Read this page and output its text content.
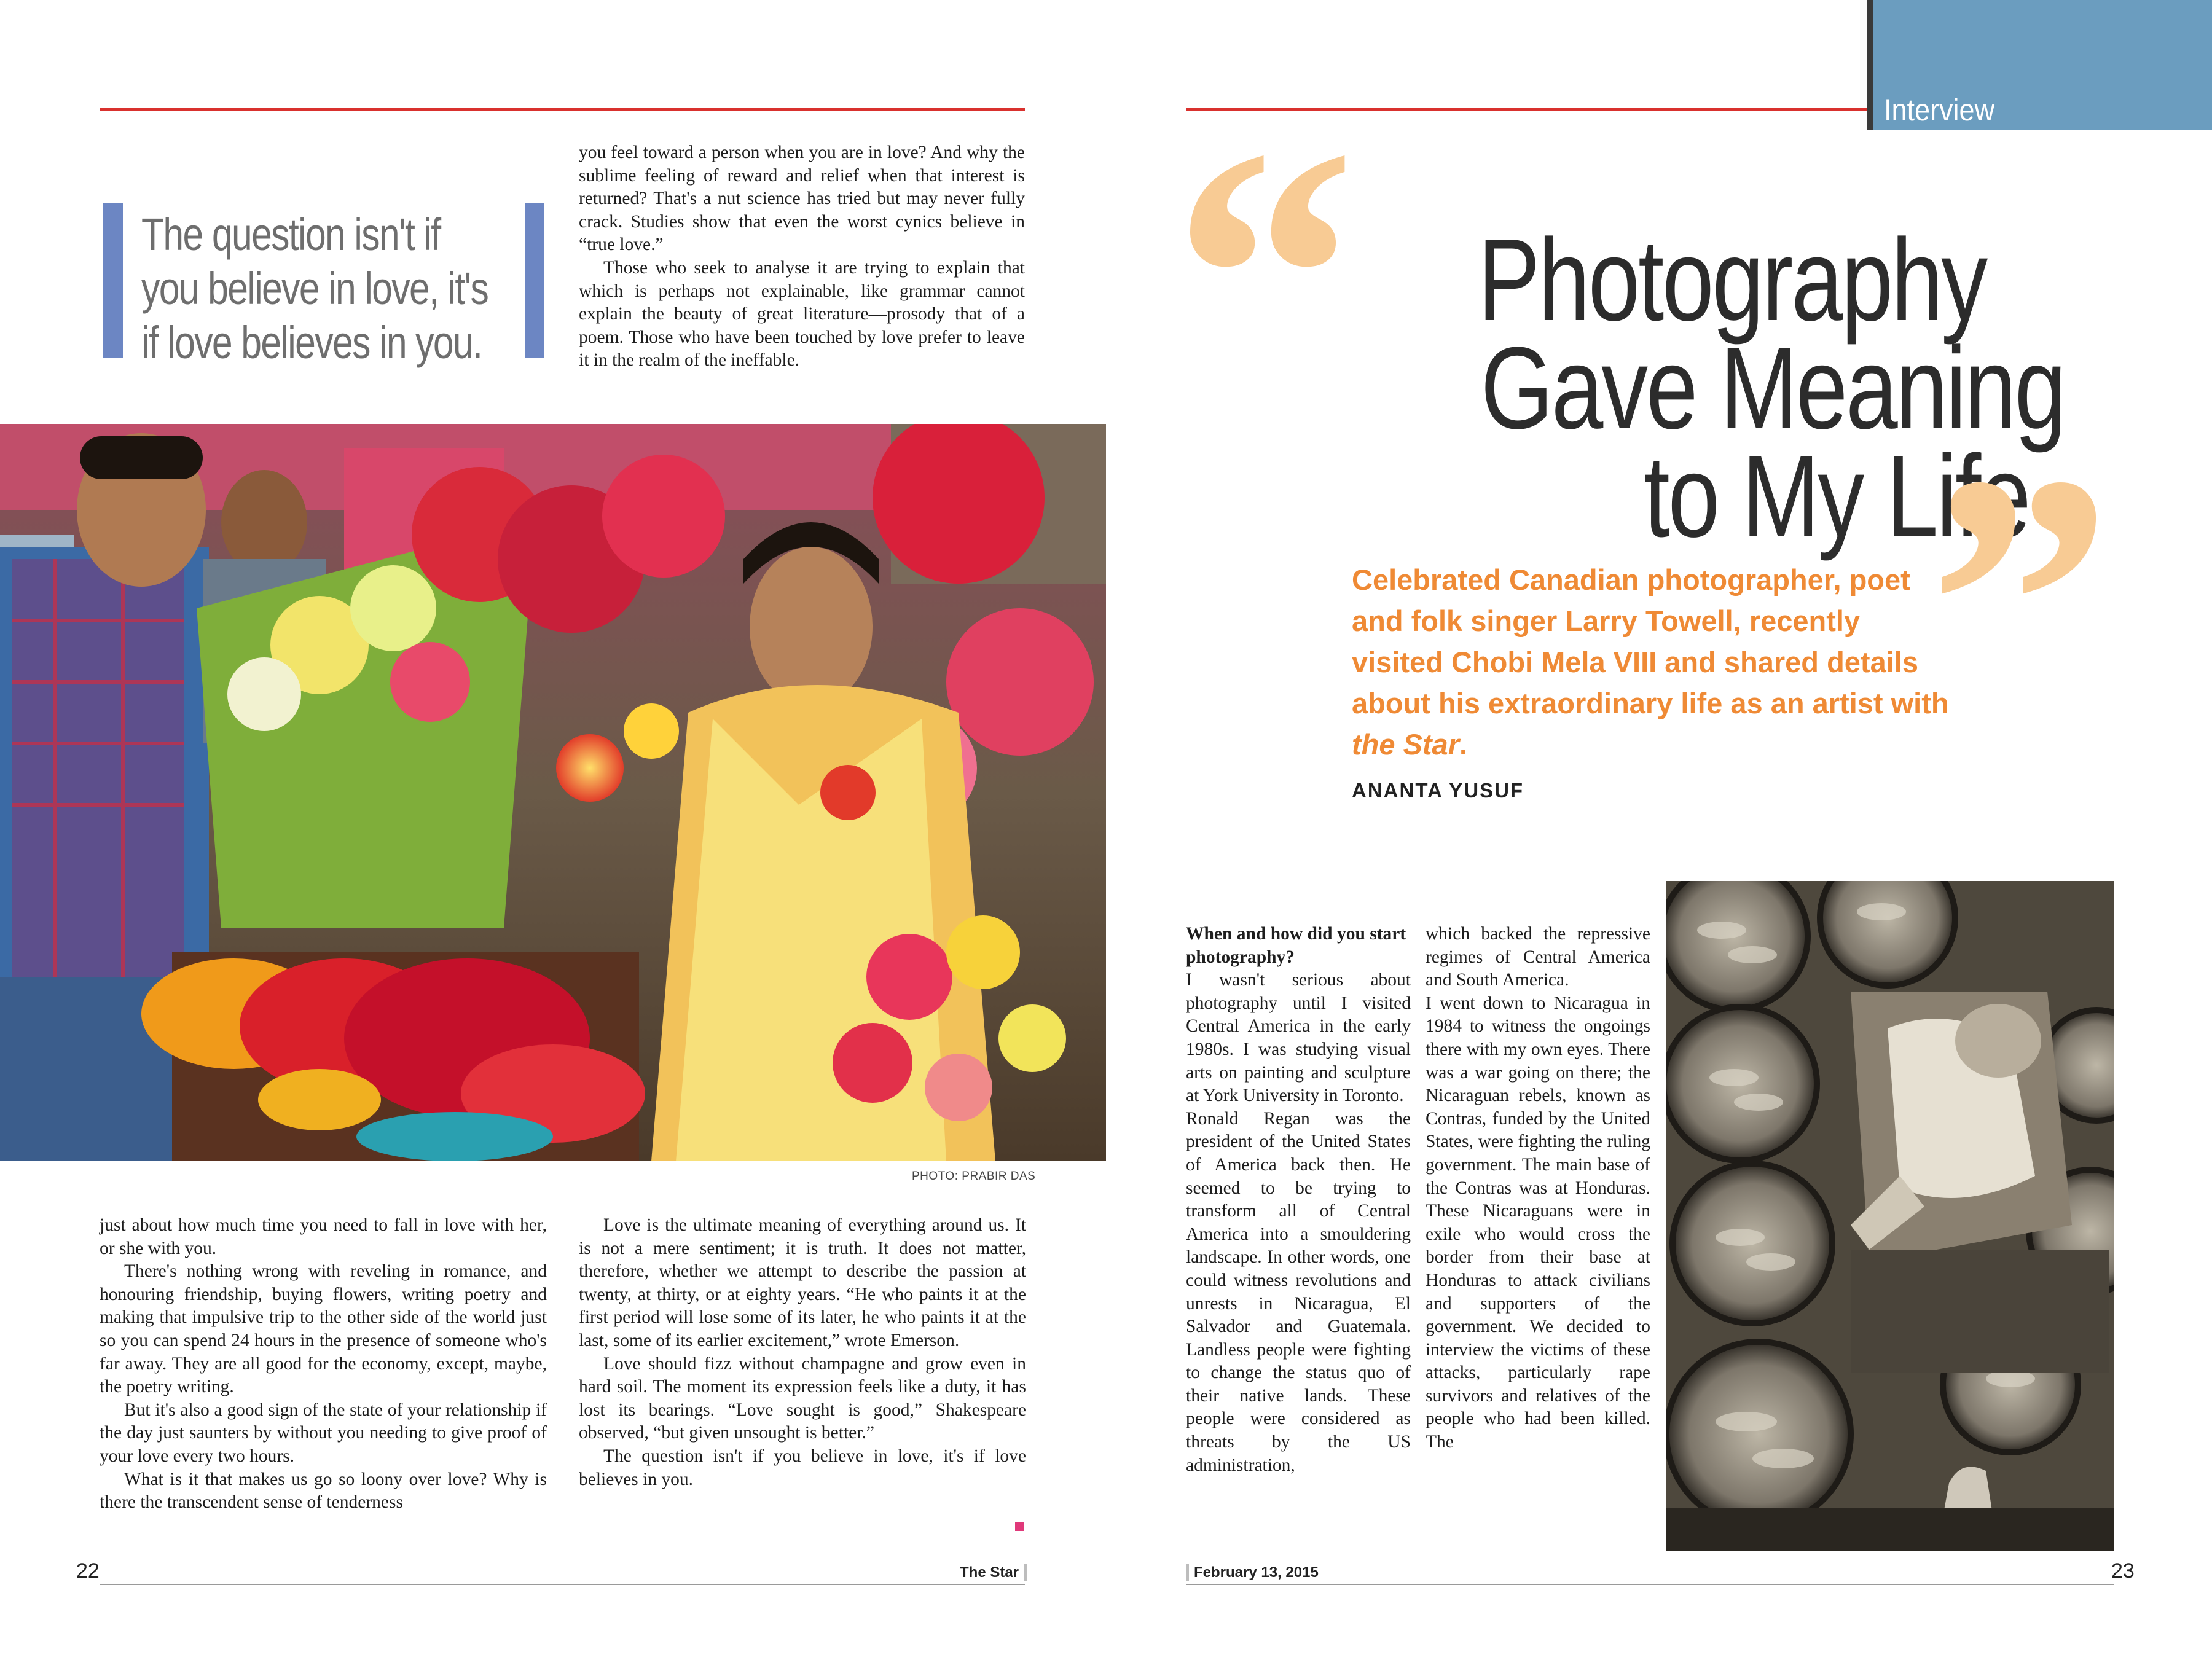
The question isn't if
you believe in love, it's
if love believes in you.

you feel toward a person when you are in love? And why the sublime feeling of reward and relief when that interest is returned? That's a nut science has tried but may never fully crack. Studies show that even the worst cynics believe in “true love.”

Those who seek to analyse it are trying to explain that which is perhaps not explainable, like grammar cannot explain the beauty of great literature—prosody that of a poem. Those who have been touched by love prefer to leave it in the realm of the ineffable.

PHOTO: PRABIR DAS

just about how much time you need to fall in love with her, or she with you.

There's nothing wrong with reveling in romance, and honouring friendship, buying flowers, writing poetry and making that impulsive trip to the other side of the world just so you can spend 24 hours in the presence of someone who's far away. They are all good for the economy, except, maybe, the poetry writing.

But it's also a good sign of the state of your relationship if the day just saunters by without you needing to give proof of your love every two hours.

What is it that makes us go so loony over love? Why is there the transcendent sense of tenderness

Love is the ultimate meaning of everything around us. It is not a mere sentiment; it is truth. It does not matter, therefore, whether we attempt to describe the passion at twenty, at thirty, or at eighty years. “He who paints it at the first period will lose some of its later, he who paints it at the last, some of its earlier excitement,” wrote Emerson.

Love should fizz without champagne and grow even in hard soil. The moment its expression feels like a duty, it has lost its bearings. “Love sought is good,” Shakespeare observed, “but given unsought is better.”

The question isn't if you believe in love, it's if love believes in you.

22	The Star
Interview
“ Photography
Gave Meaning
to My Life
”
Celebrated Canadian photographer, poet and folk singer Larry Towell, recently visited Chobi Mela VIII and shared details about his extraordinary life as an artist with the Star.
ANANTA YUSUF

When and how did you start photography?

I wasn't serious about photography until I visited Central America in the early 1980s. I was studying visual arts on painting and sculpture at York University in Toronto.

Ronald Regan was the president of the United States of America back then. He seemed to be trying to transform all of Central America into a smouldering landscape. In other words, one could witness revolutions and unrests in Nicaragua, El Salvador and Guatemala. Landless people were fighting to change the status quo of their native lands. These people were considered as threats by the US administration,

which backed the repressive regimes of Central America and South America.

I went down to Nicaragua in 1984 to witness the ongoings there with my own eyes. There was a war going on there; the Nicaraguan rebels, known as Contras, funded by the United States, were fighting the ruling government. The main base of the Contras was at Honduras. These Nicaraguans were in exile who would cross the border from their base at Honduras to attack civilians and supporters of the government. We decided to interview the victims of these attacks, particularly rape survivors and relatives of the people who had been killed. The

February 13, 2015	23
